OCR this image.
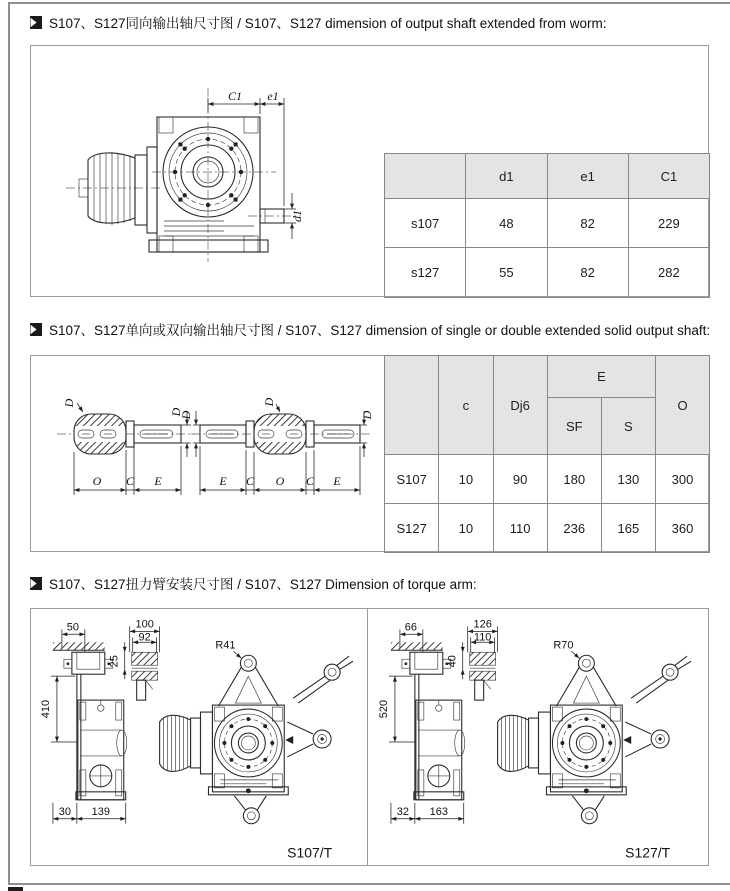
S107、S127同向输出轴尺寸图 / S107、S127 dimension of output shaft extended from worm:
d1
C1 e1
	d1	e1	C1
s107	48	82	229
s127	55	82	282
S107、S127单向或双向输出轴尺寸图 / S107、S127 dimension of single or double extended solid output shaft:
D
D
O C E
D
D
D
E C O C E
	c	Dj6	E		O
			SF	S	
S107	10	90	180	130	300
S127	10	110	236	165	360
S107、S127扭力臂安装尺寸图 / S107、S127 Dimension of torque arm:
50
410
30 139
100
92
25
R41
S107/T
66
520
32 163
126
110
40
R70
S127/T
